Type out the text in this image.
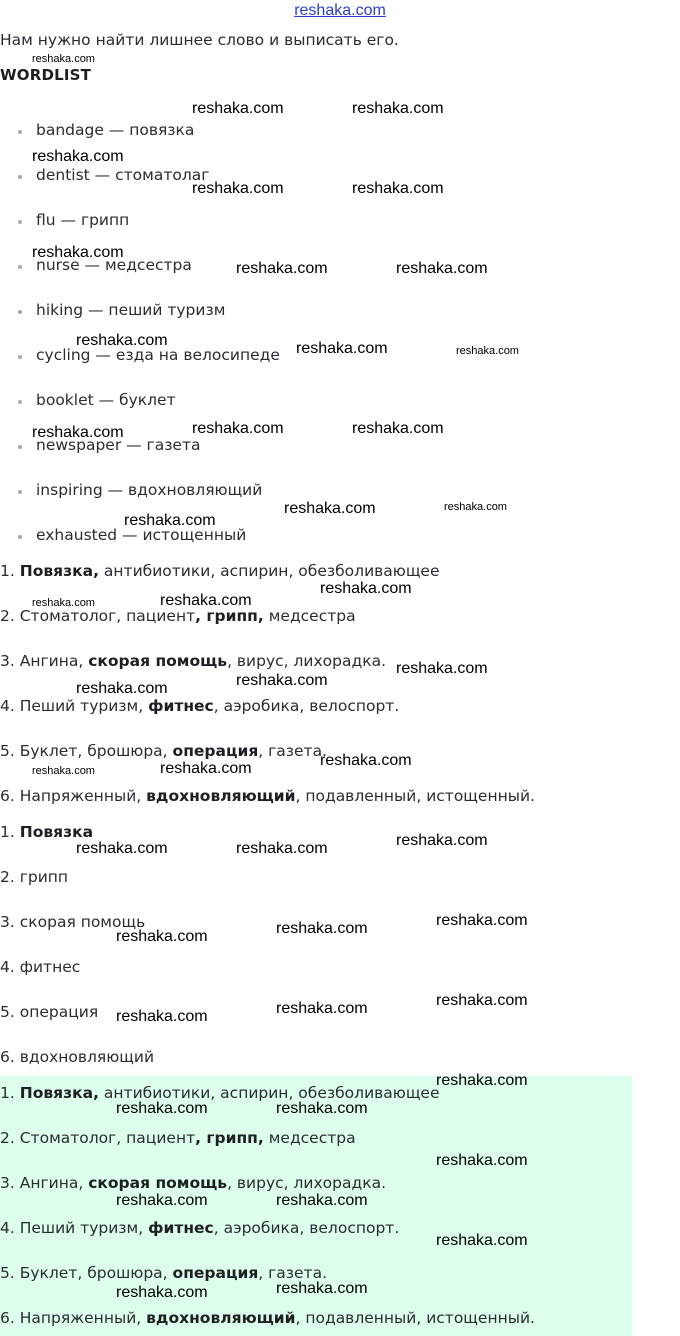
reshaka.com
Нам нужно найти лишнее слово и выписать его.
WORDLIST
bandage — повязка
dentist — стоматолаг
flu — грипп
nurse — медсестра
hiking — пеший туризм
cycling — езда на велосипеде
booklet — буклет
newspaper — газета
inspiring — вдохновляющий
exhausted — истощенный
1. Повязка, антибиотики, аспирин, обезболивающее
2. Стоматолог, пациент, грипп, медсестра
3. Ангина, скорая помощь, вирус, лихорадка.
4. Пеший туризм, фитнес, аэробика, велоспорт.
5. Буклет, брошюра, операция, газета.
6. Напряженный, вдохновляющий, подавленный, истощенный.
1. Повязка
2. грипп
3. скорая помощь
4. фитнес
5. операция
6. вдохновляющий
1. Повязка, антибиотики, аспирин, обезболивающее
2. Стоматолог, пациент, грипп, медсестра
3. Ангина, скорая помощь, вирус, лихорадка.
4. Пеший туризм, фитнес, аэробика, велоспорт.
5. Буклет, брошюра, операция, газета.
6. Напряженный, вдохновляющий, подавленный, истощенный.
reshaka.com
reshaka.com	reshaka.com
reshaka.com
reshaka.com	reshaka.com
reshaka.com
reshaka.com	reshaka.com
reshaka.com	reshaka.com	reshaka.com
reshaka.com	reshaka.com	reshaka.com
reshaka.com	reshaka.com
reshaka.com
reshaka.com
reshaka.com	reshaka.com
reshaka.com
reshaka.com
reshaka.com
reshaka.com
reshaka.com	reshaka.com
reshaka.com
reshaka.com	reshaka.com
reshaka.com
reshaka.com
reshaka.com
reshaka.com
reshaka.com
reshaka.com
reshaka.com
reshaka.com	reshaka.com
reshaka.com
reshaka.com	reshaka.com
reshaka.com
reshaka.com
reshaka.com
